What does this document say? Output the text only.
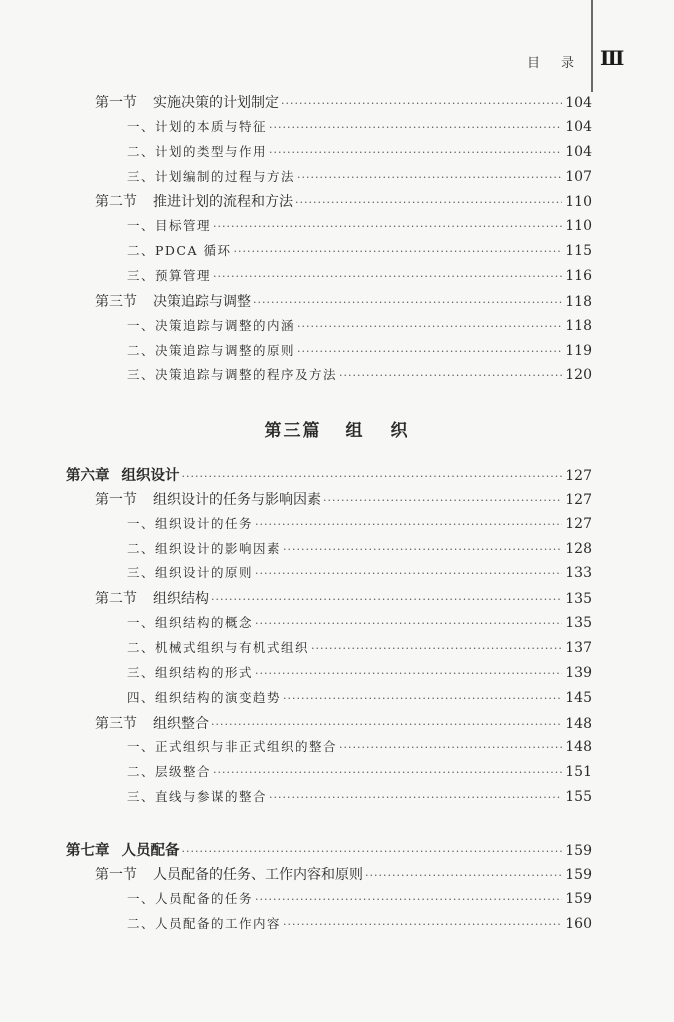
目 录 Ⅲ
第一节 实施决策的计划制定 ·····	104
一、计划的本质与特征 ·····	104
二、计划的类型与作用 ·····	104
三、计划编制的过程与方法 ·····	107
第二节 推进计划的流程和方法 ·····	110
一、目标管理 ·····	110
二、PDCA 循环 ·····	115
三、预算管理 ·····	116
第三节 决策追踪与调整 ·····	118
一、决策追踪与调整的内涵 ·····	118
二、决策追踪与调整的原则 ·····	119
三、决策追踪与调整的程序及方法 ·····	120
第三篇 组 织
第六章 组织设计 ·····	127
第一节 组织设计的任务与影响因素 ·····	127
一、组织设计的任务 ·····	127
二、组织设计的影响因素 ·····	128
三、组织设计的原则 ·····	133
第二节 组织结构 ·····	135
一、组织结构的概念 ·····	135
二、机械式组织与有机式组织 ·····	137
三、组织结构的形式 ·····	139
四、组织结构的演变趋势 ·····	145
第三节 组织整合 ·····	148
一、正式组织与非正式组织的整合 ·····	148
二、层级整合 ·····	151
三、直线与参谋的整合 ·····	155
第七章 人员配备 ·····	159
第一节 人员配备的任务、工作内容和原则 ·····	159
一、人员配备的任务 ·····	159
二、人员配备的工作内容 ·····	160
